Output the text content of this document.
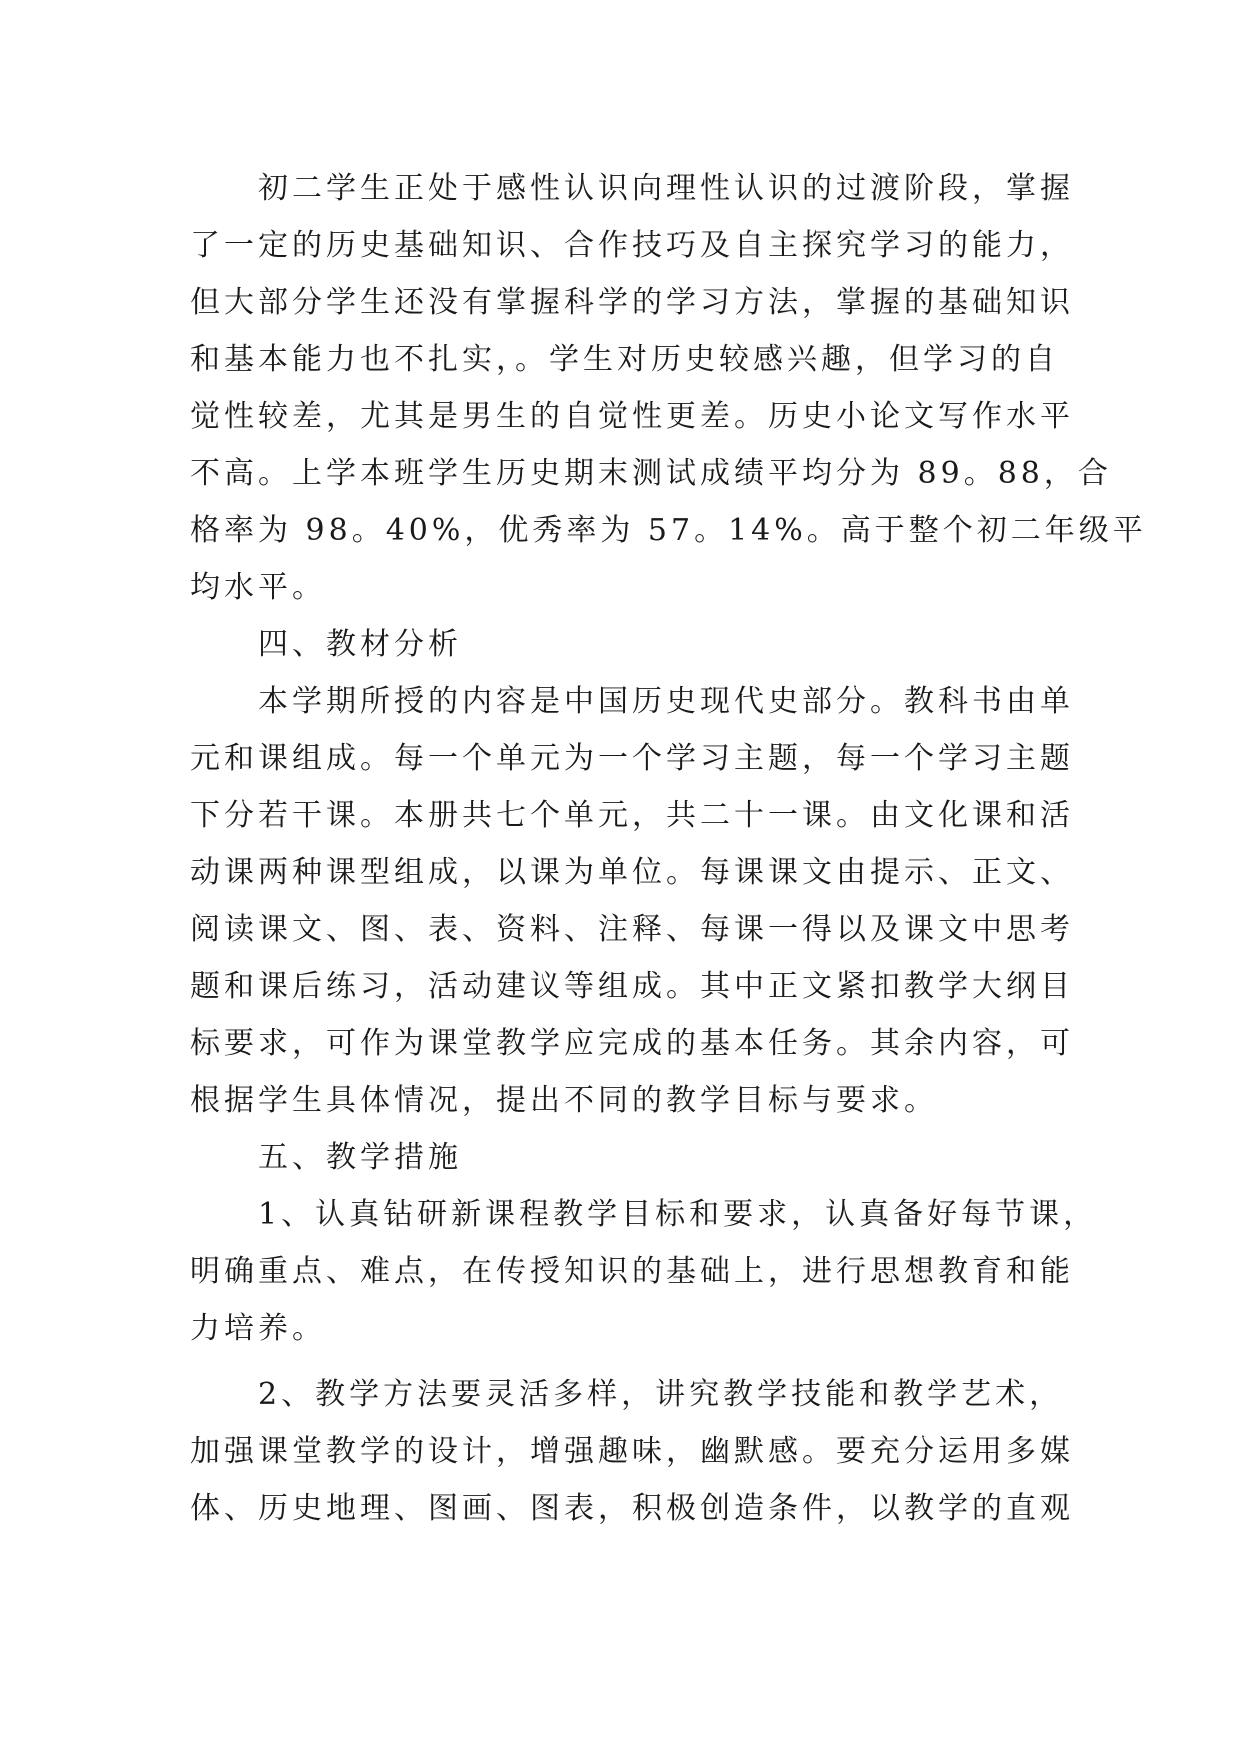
　　初二学生正处于感性认识向理性认识的过渡阶段，掌握
了一定的历史基础知识、合作技巧及自主探究学习的能力，
但大部分学生还没有掌握科学的学习方法，掌握的基础知识
和基本能力也不扎实，。学生对历史较感兴趣，但学习的自
觉性较差，尤其是男生的自觉性更差。历史小论文写作水平
不高。上学本班学生历史期末测试成绩平均分为 89。88，合
格率为 98。40%，优秀率为 57。14%。高于整个初二年级平
均水平。
　　四、教材分析
　　本学期所授的内容是中国历史现代史部分。教科书由单
元和课组成。每一个单元为一个学习主题，每一个学习主题
下分若干课。本册共七个单元，共二十一课。由文化课和活
动课两种课型组成，以课为单位。每课课文由提示、正文、
阅读课文、图、表、资料、注释、每课一得以及课文中思考
题和课后练习，活动建议等组成。其中正文紧扣教学大纲目
标要求，可作为课堂教学应完成的基本任务。其余内容，可
根据学生具体情况，提出不同的教学目标与要求。
　　五、教学措施
　　1、认真钻研新课程教学目标和要求，认真备好每节课，
明确重点、难点，在传授知识的基础上，进行思想教育和能
力培养。
　　2、教学方法要灵活多样，讲究教学技能和教学艺术，
加强课堂教学的设计，增强趣味，幽默感。要充分运用多媒
体、历史地理、图画、图表，积极创造条件，以教学的直观
